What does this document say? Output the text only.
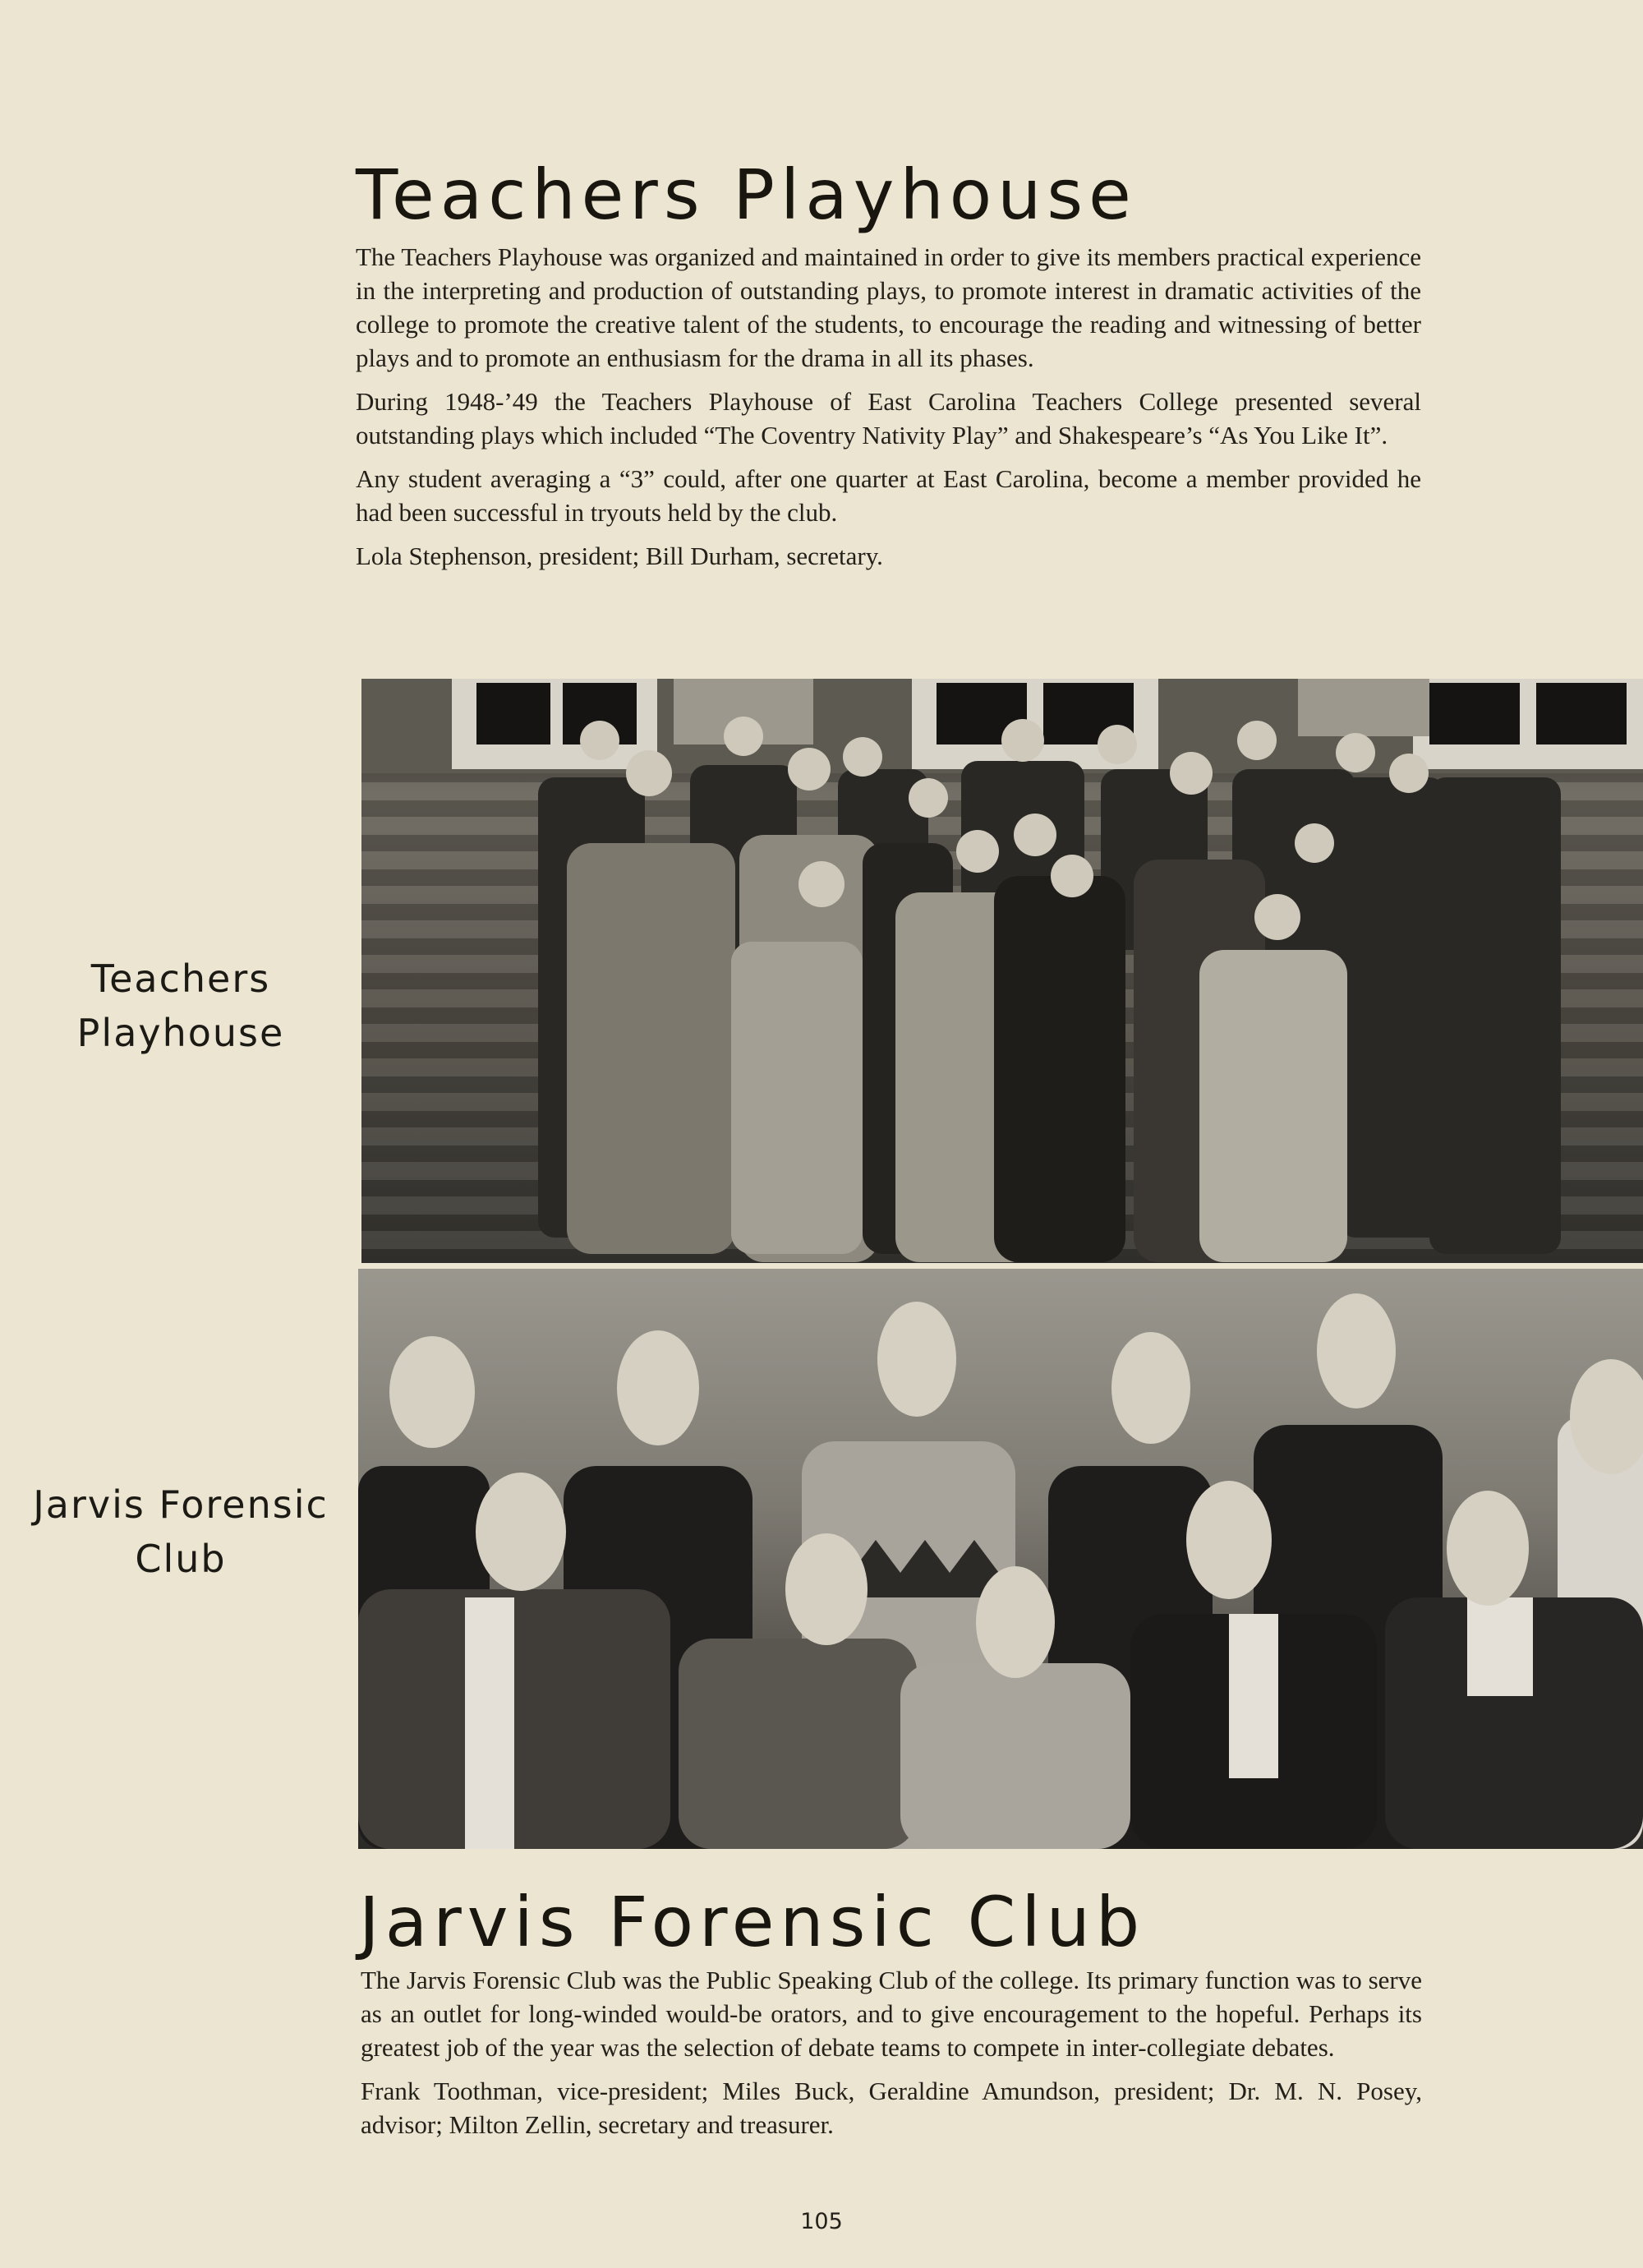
Teachers Playhouse

The Teachers Playhouse was organized and maintained in order to give its members practical experience in the interpreting and production of outstanding plays, to promote interest in dramatic activities of the college to promote the creative talent of the students, to encourage the reading and witnessing of better plays and to promote an enthusiasm for the drama in all its phases.

During 1948-’49 the Teachers Playhouse of East Carolina Teachers College presented several outstanding plays which included “The Coventry Nativity Play” and Shakespeare’s “As You Like It”.

Any student averaging a “3” could, after one quarter at East Carolina, become a member provided he had been successful in tryouts held by the club.

Lola Stephenson, president; Bill Durham, secretary.

Teachers
Playhouse
Jarvis Forensic
Club
Jarvis Forensic Club

The Jarvis Forensic Club was the Public Speaking Club of the college. Its primary function was to serve as an outlet for long-winded would-be orators, and to give encouragement to the hopeful. Perhaps its greatest job of the year was the selection of debate teams to compete in inter-collegiate debates.

Frank Toothman, vice-president; Miles Buck, Geraldine Amundson, president; Dr. M. N. Posey, advisor; Milton Zellin, secretary and treasurer.

105
